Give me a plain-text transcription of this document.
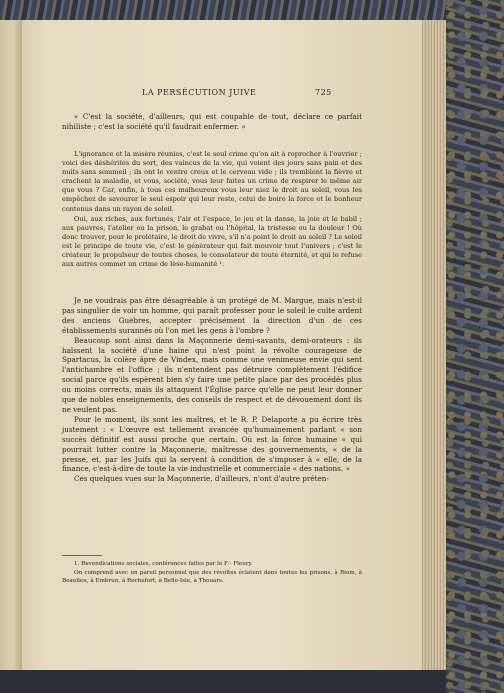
LA PERSÉCUTION JUIVE	725

« C'est la société, d'ailleurs, qui est coupable de tout, déclare ce parfait nihiliste ; c'est la société qu'il faudrait enfermer. »

L'ignorance et la misère réunies, c'est le seul crime qu'on ait à reprocher à l'ouvrier ; voici des déshérités du sort, des vaincus de la vie, qui voient des jours sans pain et des nuits sans sommeil ; ils ont le ventre creux et le cerveau vide ; ils tremblent la fièvre et crachent la maladie, et vous, société, vous leur faites un crime de respirer le même air que vous ? Car, enfin, à tous ces malheureux vous leur niez le droit au soleil, vous les empêchez de savourer le seul espoir qui leur reste, celui de boire la force et le bonheur contenus dans un rayon de soleil.

Oui, aux riches, aux fortunés, l'air et l'espace, le jeu et la danse, la joie et le babil ; aux pauvres, l'atelier ou la prison, le grabat ou l'hôpital, la tristesse ou la douleur ! Où donc trouver, pour le prolétaire, le droit de vivre, s'il n'a point le droit au soleil ? Le soleil est le principe de toute vie, c'est le générateur qui fait mouvoir tout l'univers ; c'est le créateur, le propulseur de toutes choses, le consolateur de toute éternité, et qui le refuse aux autres commet un crime de lèse-humanité ¹.

Je ne voudrais pas être désagréable à un protégé de M. Margue, mais n'est-il pas singulier de voir un homme, qui paraît professer pour le soleil le culte ardent des anciens Guèbres, accepter précisément la direction d'un de ces établissements surannés où l'on met les gens à l'ombre ?

Beaucoup sont ainsi dans la Maçonnerie demi-savants, demi-orateurs : ils haïssent la société d'une haine qui n'est point la révolte courageuse de Spartacus, la colère âpre de Vindex, mais comme une venimeuse envie qui sent l'antichambre et l'office ; ils n'entendent pas détruire complètement l'édifice social parce qu'ils espèrent bien s'y faire une petite place par des procédés plus ou moins corrects, mais ils attaquent l'Église parce qu'elle ne peut leur donner que de nobles enseignements, des conseils de respect et de dévouement dont ils ne veulent pas.

Pour le moment, ils sont les maîtres, et le R. P. Delaporte a pu écrire très justement : « L'œuvre est tellement avancée qu'humainement parlant « son succès définitif est aussi proche que certain. Où est la force humaine « qui pourrait lutter contre la Maçonnerie, maîtresse des gouvernements, « de la presse, et, par les Juifs qui la servent à condition de s'imposer à « elle, de la finance, c'est-à-dire de toute la vie industrielle et commerciale « des nations. »

Ces quelques vues sur la Maçonnerie, d'ailleurs, n'ont d'autre préten-

1. Revendications sociales, conférences faites par le F∴ Fleury.

On comprend avec un pareil personnel que des révoltes éclatent dans toutes les prisons, à Riom, à Beaulieu, à Embrun, à Rochefort, à Belle-Isle, à Thouars.
